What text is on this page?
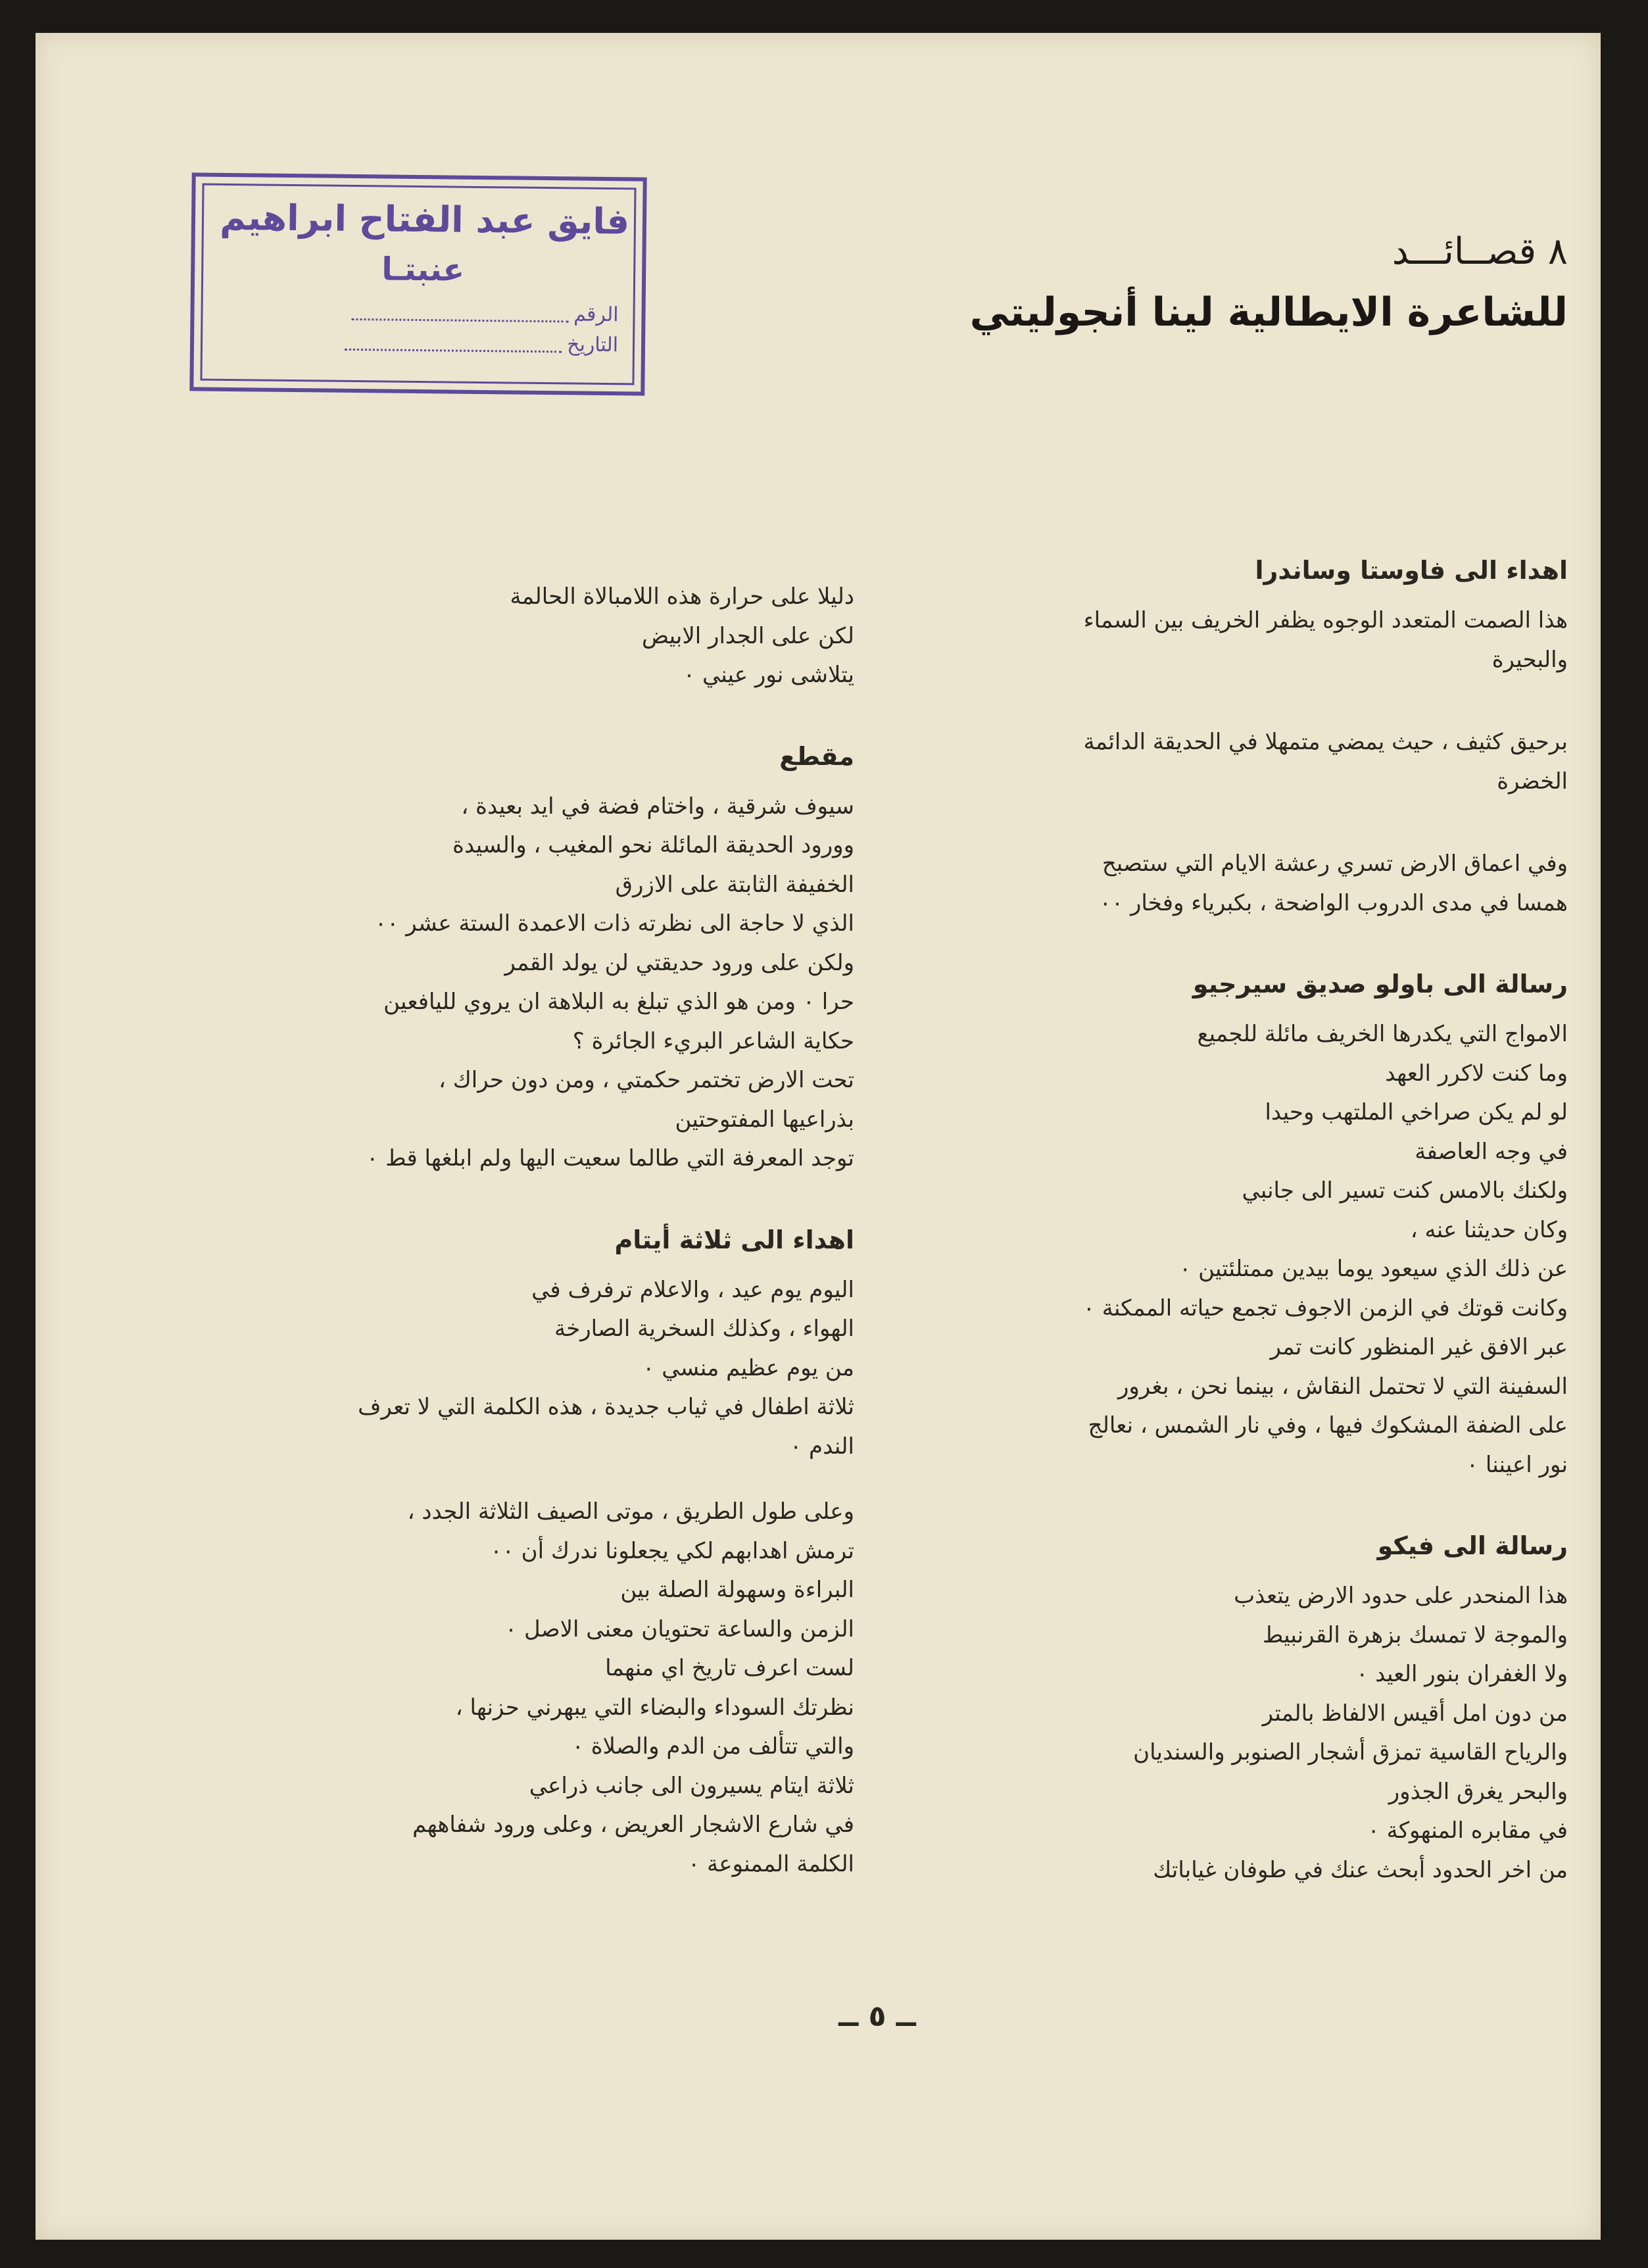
فايق عبد الفتاح ابراهيم
عنبتـا
الرقم
التاريخ
٨ قصــائـــد
للشاعرة الايطالية لينا أنجوليتي
اهداء الى فاوستا وساندرا

هذا الصمت المتعدد الوجوه يظفر الخريف بين السماء

والبحيرة

برحيق كثيف ، حيث يمضي متمهلا في الحديقة الدائمة

الخضرة

وفي اعماق الارض تسري رعشة الايام التي ستصبح

همسا في مدى الدروب الواضحة ، بكبرياء وفخار ٠٠

رسالة الى باولو صديق سيرجيو

الامواج التي يكدرها الخريف مائلة للجميع

وما كنت لاكرر العهد

لو لم يكن صراخي الملتهب وحيدا

في وجه العاصفة

ولكنك بالامس كنت تسير الى جانبي

وكان حديثنا عنه ،

عن ذلك الذي سيعود يوما بيدين ممتلئتين ٠

وكانت قوتك في الزمن الاجوف تجمع حياته الممكنة ٠

عبر الافق غير المنظور كانت تمر

السفينة التي لا تحتمل النقاش ، بينما نحن ، بغرور

على الضفة المشكوك فيها ، وفي نار الشمس ، نعالج

نور اعيننا ٠

رسالة الى فيكو

هذا المنحدر على حدود الارض يتعذب

والموجة لا تمسك بزهرة القرنبيط

ولا الغفران بنور العيد ٠

من دون امل أقيس الالفاظ بالمتر

والرياح القاسية تمزق أشجار الصنوبر والسنديان

والبحر يغرق الجذور

في مقابره المنهوكة ٠

من اخر الحدود أبحث عنك في طوفان غياباتك

دليلا على حرارة هذه اللامبالاة الحالمة

لكن على الجدار الابيض

يتلاشى نور عيني ٠

مقطع

سيوف شرقية ، واختام فضة في ايد بعيدة ،

وورود الحديقة المائلة نحو المغيب ، والسيدة

الخفيفة الثابتة على الازرق

الذي لا حاجة الى نظرته ذات الاعمدة الستة عشر ٠٠

ولكن على ورود حديقتي لن يولد القمر

حرا ٠ ومن هو الذي تبلغ به البلاهة ان يروي لليافعين

حكاية الشاعر البريء الجائرة ؟

تحت الارض تختمر حكمتي ، ومن دون حراك ،

بذراعيها المفتوحتين

توجد المعرفة التي طالما سعيت اليها ولم ابلغها قط ٠

اهداء الى ثلاثة أيتام

اليوم يوم عيد ، والاعلام ترفرف في

الهواء ، وكذلك السخرية الصارخة

من يوم عظيم منسي ٠

ثلاثة اطفال في ثياب جديدة ، هذه الكلمة التي لا تعرف

الندم ٠

وعلى طول الطريق ، موتى الصيف الثلاثة الجدد ،

ترمش اهدابهم لكي يجعلونا ندرك أن ٠٠

البراءة وسهولة الصلة بين

الزمن والساعة تحتويان معنى الاصل ٠

لست اعرف تاريخ اي منهما

نظرتك السوداء والبضاء التي يبهرني حزنها ،

والتي تتألف من الدم والصلاة ٠

ثلاثة ايتام يسيرون الى جانب ذراعي

في شارع الاشجار العريض ، وعلى ورود شفاههم

الكلمة الممنوعة ٠

ــ ٥ ــ
